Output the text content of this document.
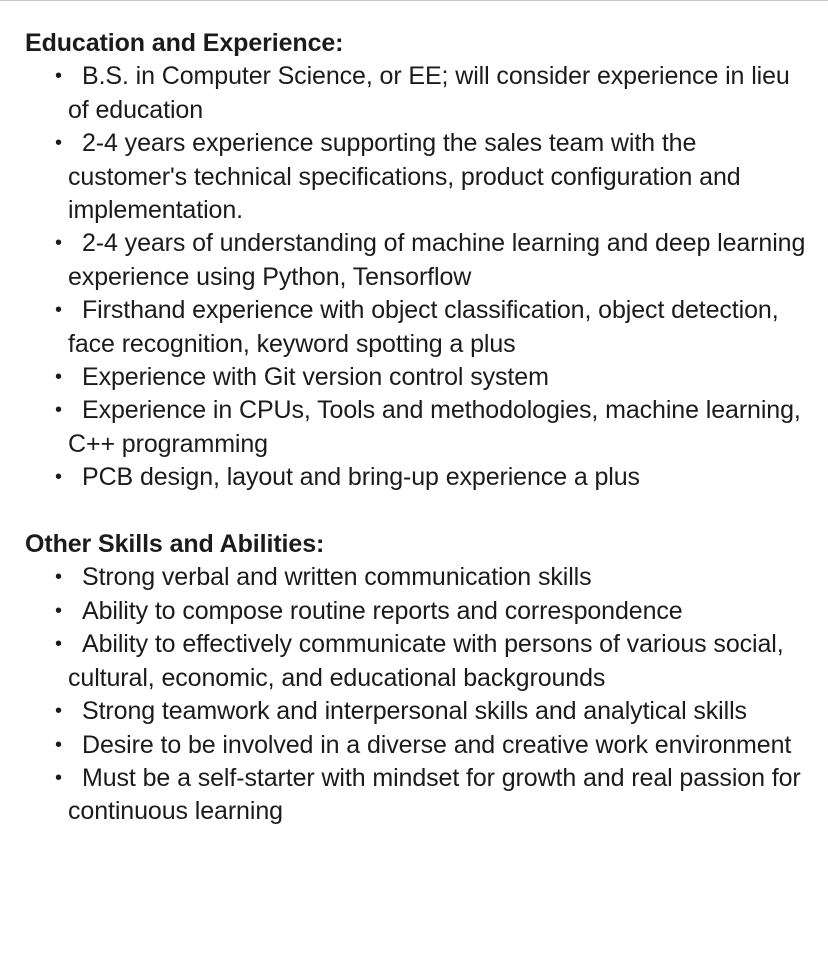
Education and Experience:
• B.S. in Computer Science, or EE; will consider experience in lieu of education
• 2-4 years experience supporting the sales team with the customer's technical specifications, product configuration and implementation.
• 2-4 years of understanding of machine learning and deep learning experience using Python, Tensorflow
• Firsthand experience with object classification, object detection, face recognition, keyword spotting a plus
• Experience with Git version control system
• Experience in CPUs, Tools and methodologies, machine learning, C++ programming
• PCB design, layout and bring-up experience a plus
Other Skills and Abilities:
• Strong verbal and written communication skills
• Ability to compose routine reports and correspondence
• Ability to effectively communicate with persons of various social, cultural, economic, and educational backgrounds
• Strong teamwork and interpersonal skills and analytical skills
• Desire to be involved in a diverse and creative work environment
• Must be a self-starter with mindset for growth and real passion for continuous learning
